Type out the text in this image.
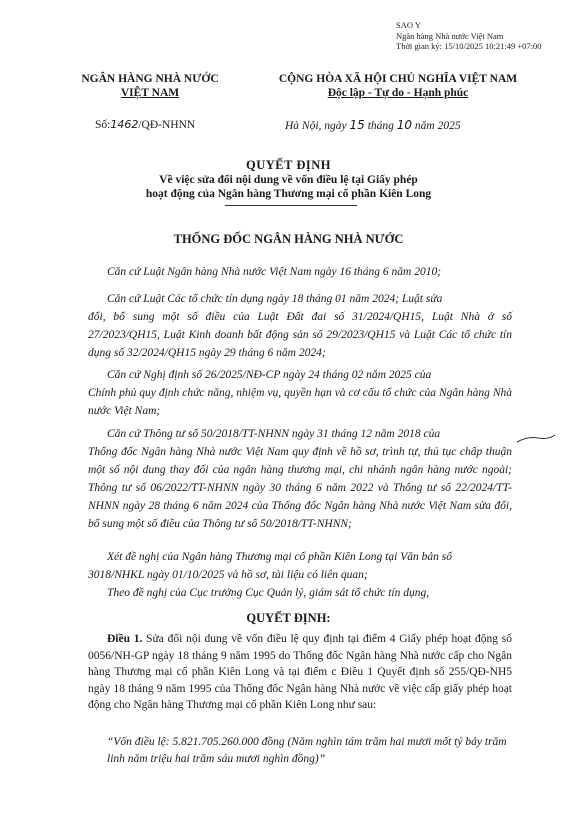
SAO Y
Ngân hàng Nhà nước Việt Nam
Thời gian ký: 15/10/2025 10:21:49 +07:00
NGÂN HÀNG NHÀ NƯỚC
VIỆT NAM
CỘNG HÒA XÃ HỘI CHỦ NGHĨA VIỆT NAM
Độc lập - Tự do - Hạnh phúc
Số:1462/QĐ-NHNN	Hà Nội, ngày 15 tháng 10 năm 2025
QUYẾT ĐỊNH
Về việc sửa đổi nội dung về vốn điều lệ tại Giấy phép
hoạt động của Ngân hàng Thương mại cổ phần Kiên Long
THỐNG ĐỐC NGÂN HÀNG NHÀ NƯỚC
Căn cứ Luật Ngân hàng Nhà nước Việt Nam ngày 16 tháng 6 năm 2010;
Căn cứ Luật Các tổ chức tín dụng ngày 18 tháng 01 năm 2024; Luật sửa
đổi, bổ sung một số điều của Luật Đất đai số 31/2024/QH15, Luật Nhà ở số 27/2023/QH15, Luật Kinh doanh bất động sản số 29/2023/QH15 và Luật Các tổ chức tín dụng số 32/2024/QH15 ngày 29 tháng 6 năm 2024;
Căn cứ Nghị định số 26/2025/NĐ-CP ngày 24 tháng 02 năm 2025 của
Chính phủ quy định chức năng, nhiệm vụ, quyền hạn và cơ cấu tổ chức của Ngân hàng Nhà nước Việt Nam;
Căn cứ Thông tư số 50/2018/TT-NHNN ngày 31 tháng 12 năm 2018 của
Thống đốc Ngân hàng Nhà nước Việt Nam quy định về hồ sơ, trình tự, thủ tục chấp thuận một số nội dung thay đổi của ngân hàng thương mại, chi nhánh ngân hàng nước ngoài; Thông tư số 06/2022/TT-NHNN ngày 30 tháng 6 năm 2022 và Thông tư số 22/2024/TT-NHNN ngày 28 tháng 6 năm 2024 của Thống đốc Ngân hàng Nhà nước Việt Nam sửa đổi, bổ sung một số điều của Thông tư số 50/2018/TT-NHNN;
Xét đề nghị của Ngân hàng Thương mại cổ phần Kiên Long tại Văn bản số
3018/NHKL ngày 01/10/2025 và hồ sơ, tài liệu có liên quan;
Theo đề nghị của Cục trưởng Cục Quản lý, giám sát tổ chức tín dụng,
QUYẾT ĐỊNH:
Điều 1. Sửa đổi nội dung về vốn điều lệ quy định tại điểm 4 Giấy phép hoạt động số 0056/NH-GP ngày 18 tháng 9 năm 1995 do Thống đốc Ngân hàng Nhà nước cấp cho Ngân hàng Thương mại cổ phần Kiên Long và tại điểm c Điều 1 Quyết định số 255/QĐ-NH5 ngày 18 tháng 9 năm 1995 của Thống đốc Ngân hàng Nhà nước về việc cấp giấy phép hoạt động cho Ngân hàng Thương mại cổ phần Kiên Long như sau:
“Vốn điều lệ: 5.821.705.260.000 đồng (Năm nghìn tám trăm hai mươi mốt tỷ bảy trăm linh năm triệu hai trăm sáu mươi nghìn đồng)”
